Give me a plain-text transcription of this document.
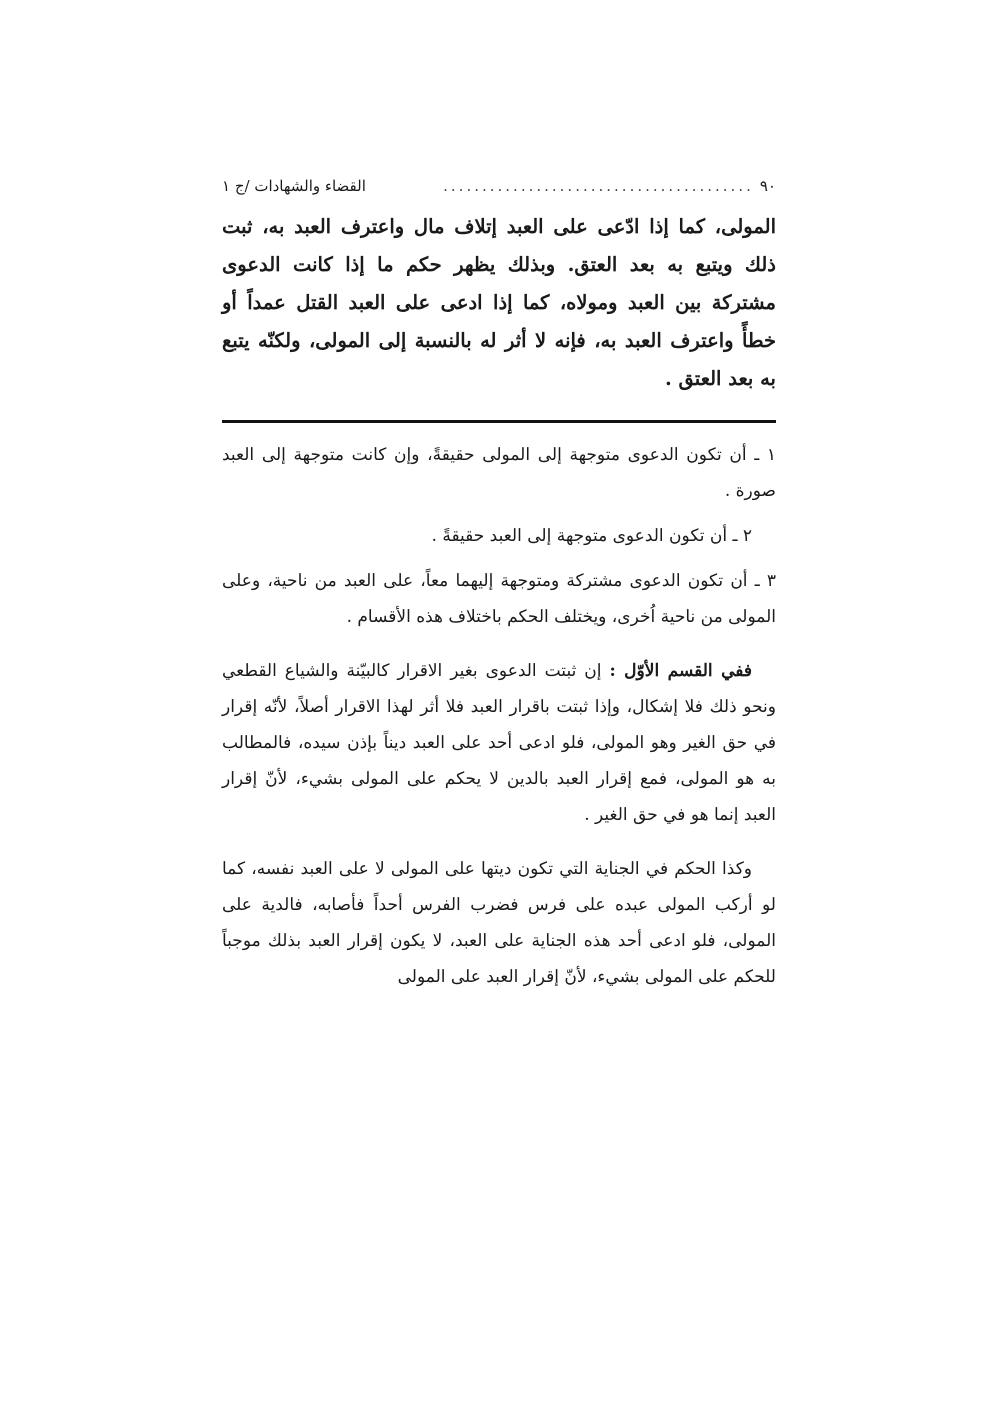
٩٠
........................................
القضاء والشهادات /ج ١
المولى، كما إذا ادّعى على العبد إتلاف مال واعترف العبد به، ثبت ذلك ويتبع به بعد العتق. وبذلك يظهر حكم ما إذا كانت الدعوى مشتركة بين العبد ومولاه، كما إذا ادعى على العبد القتل عمداً أو خطأً واعترف العبد به، فإنه لا أثر له بالنسبة إلى المولى، ولكنّه يتبع به بعد العتق .

١ ـ أن تكون الدعوى متوجهة إلى المولى حقيقةً، وإن كانت متوجهة إلى العبد صورة .

٢ ـ أن تكون الدعوى متوجهة إلى العبد حقيقةً .

٣ ـ أن تكون الدعوى مشتركة ومتوجهة إليهما معاً، على العبد من ناحية، وعلى المولى من ناحية اُخرى، ويختلف الحكم باختلاف هذه الأقسام .

ففي القسم الأوّل : إن ثبتت الدعوى بغير الاقرار كالبيّنة والشياع القطعي ونحو ذلك فلا إشكال، وإذا ثبتت باقرار العبد فلا أثر لهذا الاقرار أصلاً، لأنّه إقرار في حق الغير وهو المولى، فلو ادعى أحد على العبد ديناً بإذن سيده، فالمطالب به هو المولى، فمع إقرار العبد بالدين لا يحكم على المولى بشيء، لأنّ إقرار العبد إنما هو في حق الغير .

وكذا الحكم في الجناية التي تكون ديتها على المولى لا على العبد نفسه، كما لو أركب المولى عبده على فرس فضرب الفرس أحداً فأصابه، فالدية على المولى، فلو ادعى أحد هذه الجناية على العبد، لا يكون إقرار العبد بذلك موجباً للحكم على المولى بشيء، لأنّ إقرار العبد على المولى
